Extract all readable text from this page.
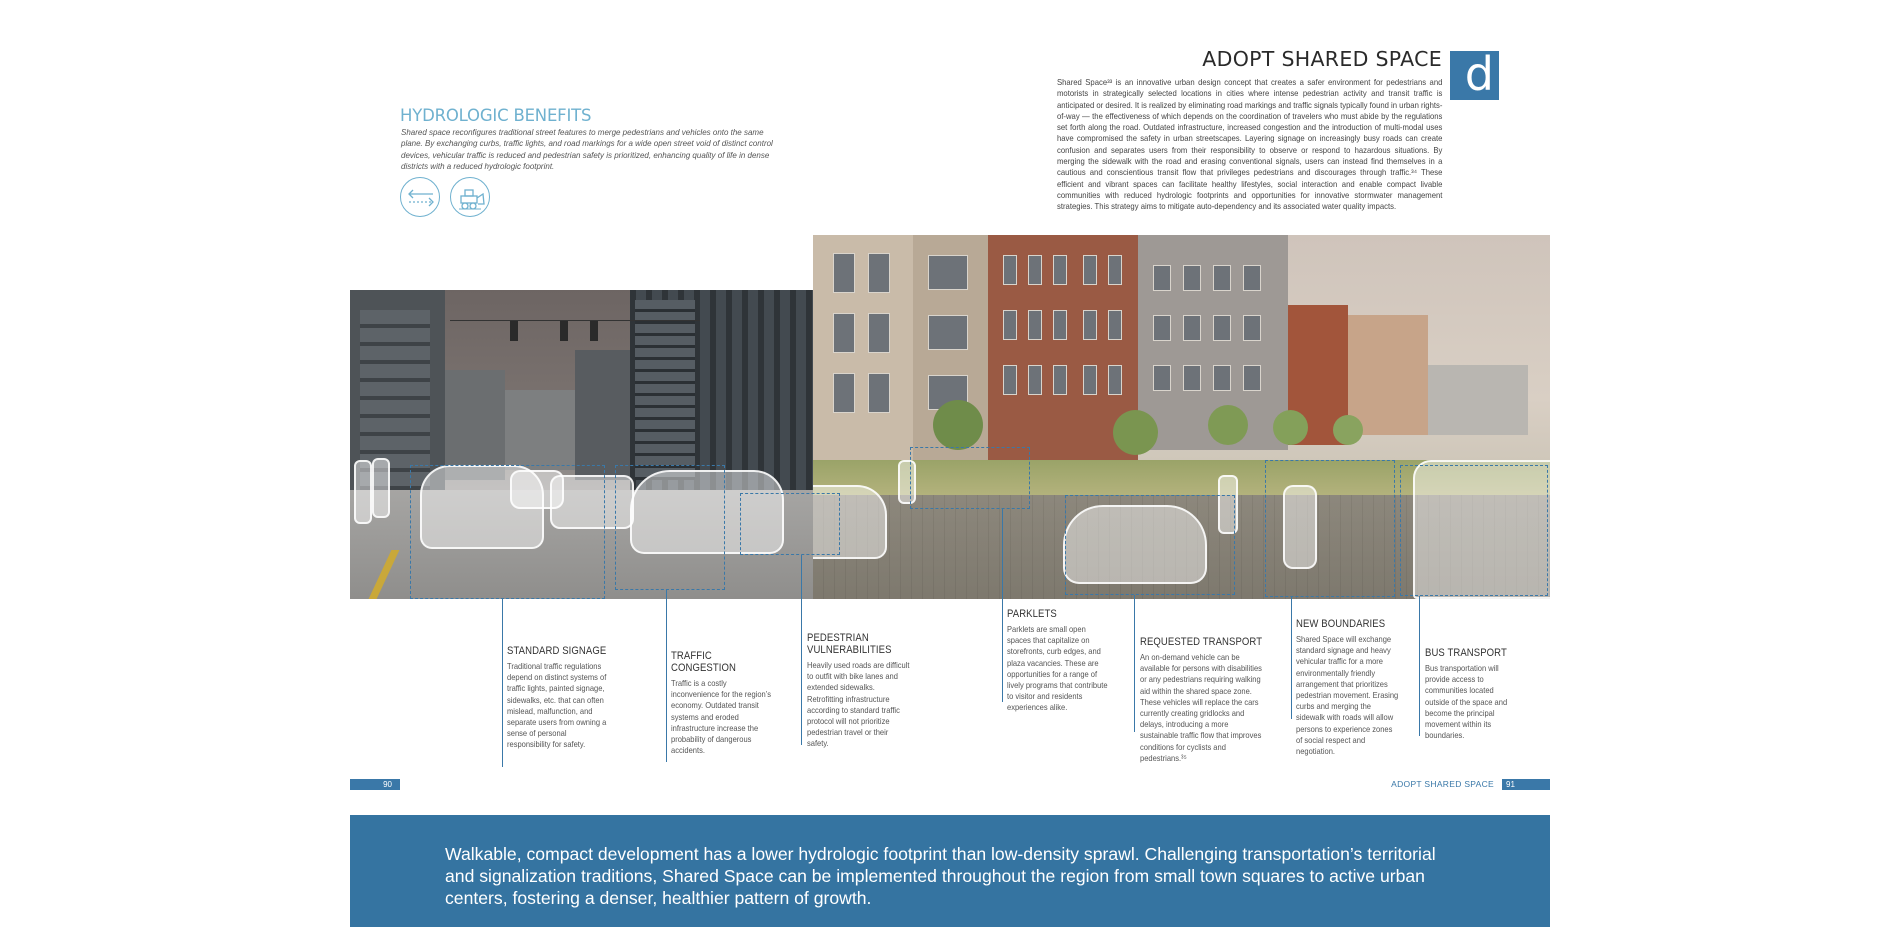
HYDROLOGIC BENEFITS
Shared space reconfigures traditional street features to merge pedestrians and vehicles onto the same plane. By exchanging curbs, traffic lights, and road markings for a wide open street void of distinct control devices, vehicular traffic is reduced and pedestrian safety is prioritized, enhancing quality of life in dense districts with a reduced hydrologic footprint.
ADOPT SHARED SPACE d
Shared Space³³ is an innovative urban design concept that creates a safer environment for pedestrians and motorists in strategically selected locations in cities where intense pedestrian activity and transit traffic is anticipated or desired. It is realized by eliminating road markings and traffic signals typically found in urban rights-of-way — the effectiveness of which depends on the coordination of travelers who must abide by the regulations set forth along the road. Outdated infrastructure, increased congestion and the introduction of multi-modal uses have compromised the safety in urban streetscapes. Layering signage on increasingly busy roads can create confusion and separates users from their responsibility to observe or respond to hazardous situations. By merging the sidewalk with the road and erasing conventional signals, users can instead find themselves in a cautious and conscientious transit flow that privileges pedestrians and discourages through traffic.³⁴ These efficient and vibrant spaces can facilitate healthy lifestyles, social interaction and enable compact livable communities with reduced hydrologic footprints and opportunities for innovative stormwater management strategies. This strategy aims to mitigate auto-dependency and its associated water quality impacts.
STANDARD SIGNAGE
Traditional traffic regulations depend on distinct systems of traffic lights, painted signage, sidewalks, etc. that can often mislead, malfunction, and separate users from owning a sense of personal responsibility for safety.
TRAFFIC CONGESTION
Traffic is a costly inconvenience for the region’s economy. Outdated transit systems and eroded infrastructure increase the probability of dangerous accidents.
PEDESTRIAN VULNERABILITIES
Heavily used roads are difficult to outfit with bike lanes and extended sidewalks. Retrofitting infrastructure according to standard traffic protocol will not prioritize pedestrian travel or their safety.
PARKLETS
Parklets are small open spaces that capitalize on storefronts, curb edges, and plaza vacancies. These are opportunities for a range of lively programs that contribute to visitor and residents experiences alike.
REQUESTED TRANSPORT
An on-demand vehicle can be available for persons with disabilities or any pedestrians requiring walking aid within the shared space zone. These vehicles will replace the cars currently creating gridlocks and delays, introducing a more sustainable traffic flow that improves conditions for cyclists and pedestrians.³⁵
NEW BOUNDARIES
Shared Space will exchange standard signage and heavy vehicular traffic for a more environmentally friendly arrangement that prioritizes pedestrian movement. Erasing curbs and merging the sidewalk with roads will allow persons to experience zones of social respect and negotiation.
BUS TRANSPORT
Bus transportation will provide access to communities located outside of the space and become the principal movement within its boundaries.
90	ADOPT SHARED SPACE	91
Walkable, compact development has a lower hydrologic footprint than low-density sprawl. Challenging transportation’s territorial and signalization traditions, Shared Space can be implemented throughout the region from small town squares to active urban centers, fostering a denser, healthier pattern of growth.
